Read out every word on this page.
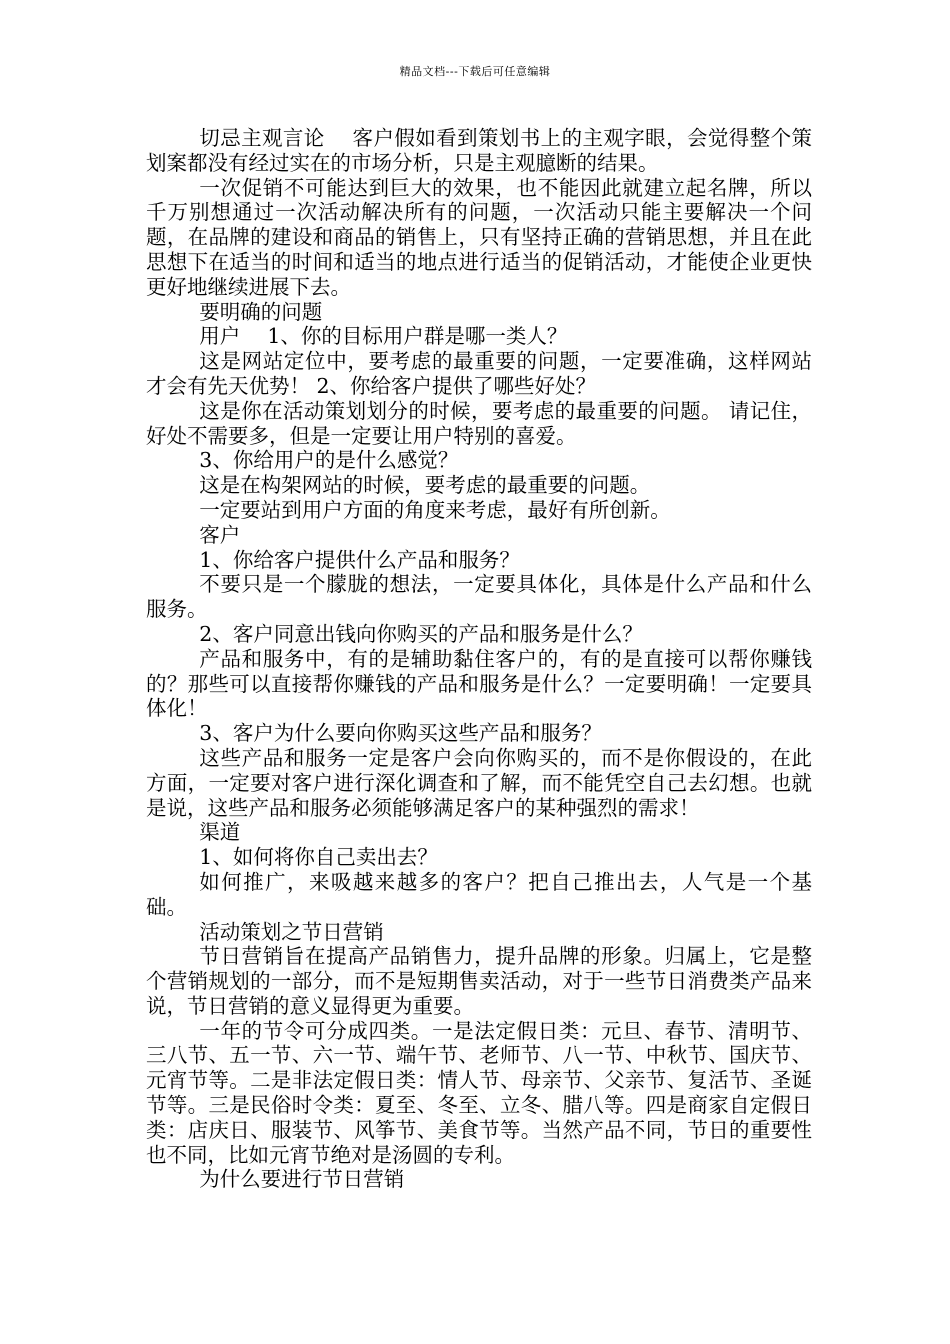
精品文档---下载后可任意编辑

切忌主观言论　 客户假如看到策划书上的主观字眼，会觉得整个策划案都没有经过实在的市场分析，只是主观臆断的结果。

一次促销不可能达到巨大的效果，也不能因此就建立起名牌，所以千万别想通过一次活动解决所有的问题，一次活动只能主要解决一个问题，在品牌的建设和商品的销售上，只有坚持正确的营销思想，并且在此思想下在适当的时间和适当的地点进行适当的促销活动，才能使企业更快更好地继续进展下去。

要明确的问题

用户　 1、你的目标用户群是哪一类人？

这是网站定位中，要考虑的最重要的问题，一定要准确，这样网站才会有先天优势！ 2、你给客户提供了哪些好处？

这是你在活动策划划分的时候，要考虑的最重要的问题。 请记住，好处不需要多，但是一定要让用户特别的喜爱。

3、你给用户的是什么感觉？

这是在构架网站的时候，要考虑的最重要的问题。

一定要站到用户方面的角度来考虑，最好有所创新。

客户

1、你给客户提供什么产品和服务？

不要只是一个朦胧的想法，一定要具体化，具体是什么产品和什么服务。

2、客户同意出钱向你购买的产品和服务是什么？

产品和服务中，有的是辅助黏住客户的，有的是直接可以帮你赚钱的？那些可以直接帮你赚钱的产品和服务是什么？一定要明确！一定要具体化！

3、客户为什么要向你购买这些产品和服务？

这些产品和服务一定是客户会向你购买的，而不是你假设的，在此方面，一定要对客户进行深化调查和了解，而不能凭空自己去幻想。也就是说，这些产品和服务必须能够满足客户的某种强烈的需求！

渠道

1、如何将你自己卖出去？

如何推广，来吸越来越多的客户？把自己推出去，人气是一个基础。

活动策划之节日营销

节日营销旨在提高产品销售力，提升品牌的形象。归属上，它是整个营销规划的一部分，而不是短期售卖活动，对于一些节日消费类产品来说，节日营销的意义显得更为重要。

一年的节令可分成四类。一是法定假日类：元旦、春节、清明节、三八节、五一节、六一节、端午节、老师节、八一节、中秋节、国庆节、元宵节等。二是非法定假日类：情人节、母亲节、父亲节、复活节、圣诞节等。三是民俗时令类：夏至、冬至、立冬、腊八等。四是商家自定假日类：店庆日、服装节、风筝节、美食节等。当然产品不同，节日的重要性也不同，比如元宵节绝对是汤圆的专利。

为什么要进行节日营销
